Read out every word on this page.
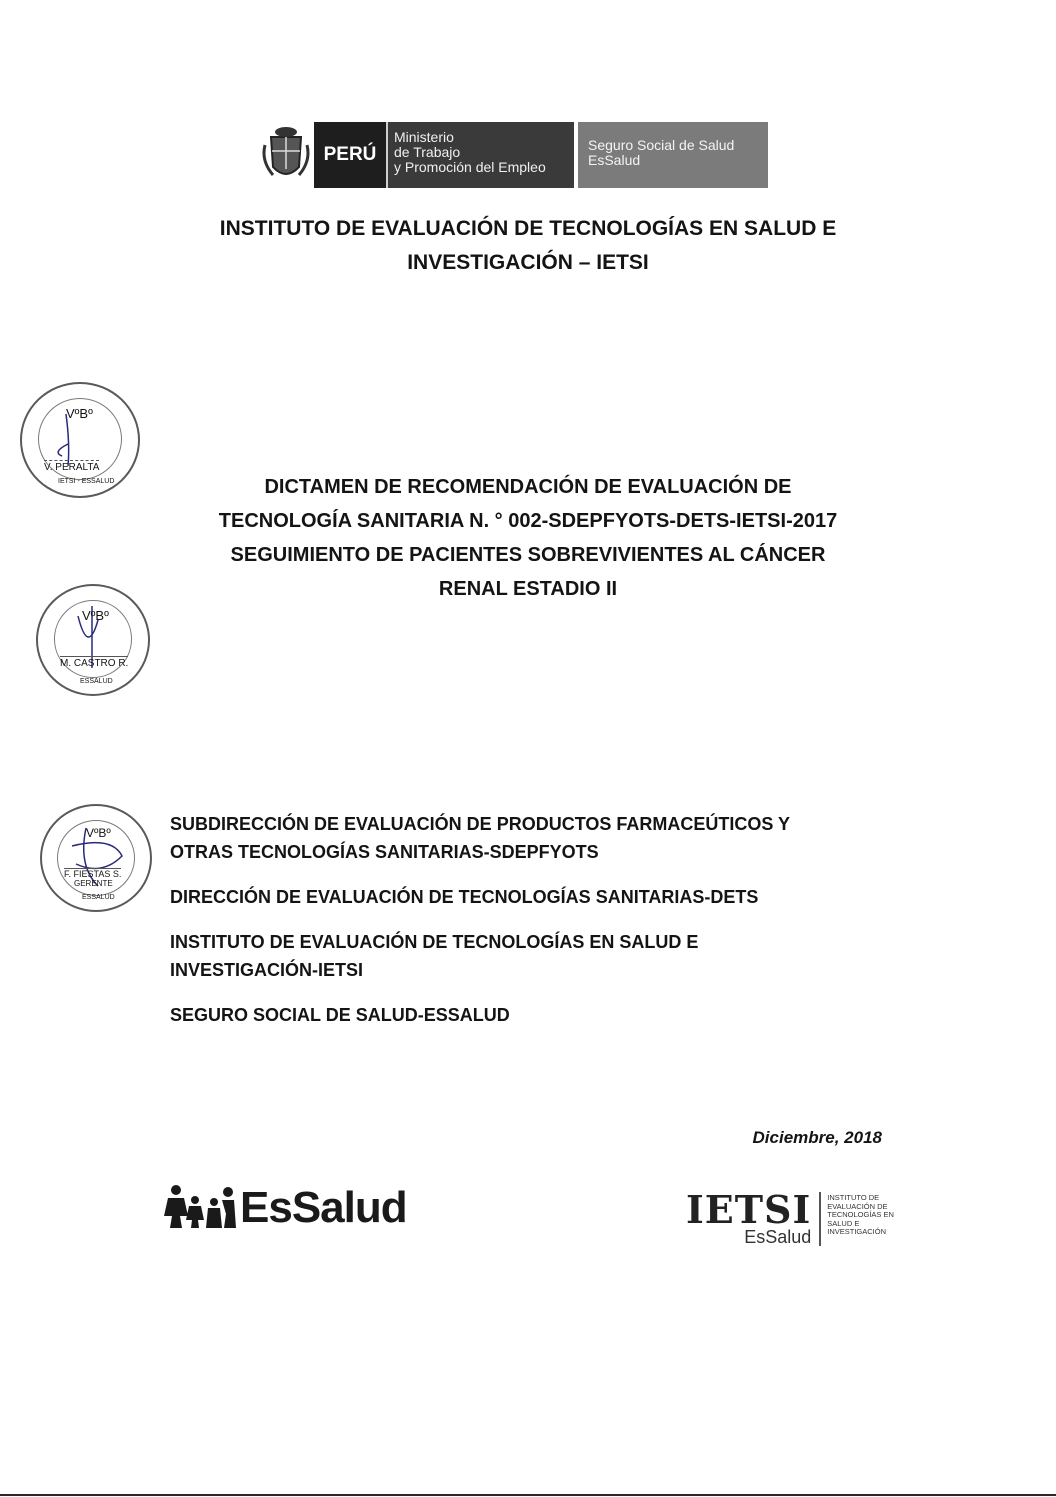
PERÚ
Ministerio
de Trabajo
y Promoción del Empleo
Seguro Social de Salud
EsSalud
INSTITUTO DE EVALUACIÓN DE TECNOLOGÍAS EN SALUD E
INVESTIGACIÓN – IETSI
VºBº
V. PERALTA
IETSI - ESSALUD	DICTAMEN DE RECOMENDACIÓN DE EVALUACIÓN DE
TECNOLOGÍA SANITARIA N. ° 002-SDEPFYOTS-DETS-IETSI-2017
SEGUIMIENTO DE PACIENTES SOBREVIVIENTES AL CÁNCER
RENAL ESTADIO II
VºBº
M. CASTRO R.
ESSALUD
VºBº
F. FIESTAS S.
GERENTE
ESSALUD
SUBDIRECCIÓN DE EVALUACIÓN DE PRODUCTOS FARMACEÚTICOS Y
OTRAS TECNOLOGÍAS SANITARIAS-SDEPFYOTS
DIRECCIÓN DE EVALUACIÓN DE TECNOLOGÍAS SANITARIAS-DETS
INSTITUTO DE EVALUACIÓN DE TECNOLOGÍAS EN SALUD E
INVESTIGACIÓN-IETSI
SEGURO SOCIAL DE SALUD-ESSALUD
Diciembre, 2018
EsSalud	IETSI
EsSalud
INSTITUTO DE
EVALUACIÓN DE
TECNOLOGÍAS EN
SALUD E
INVESTIGACIÓN
